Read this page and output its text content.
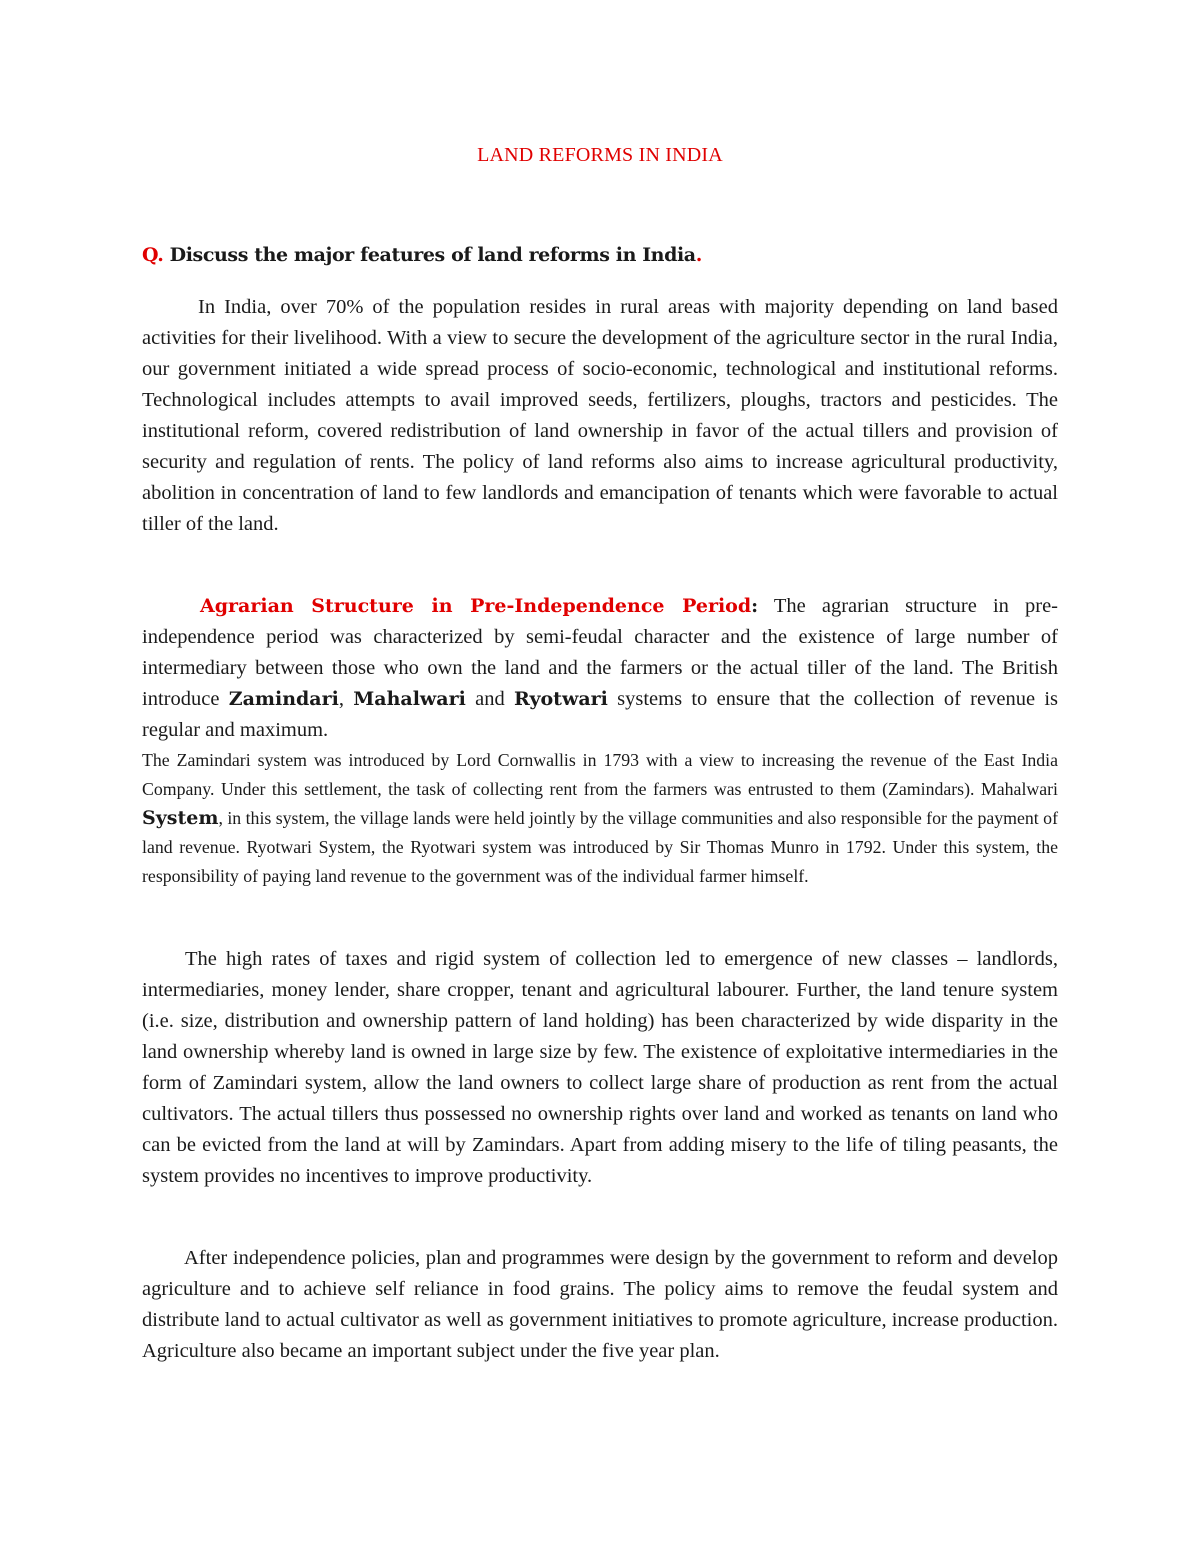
LAND REFORMS IN INDIA
Q. Discuss the major features of land reforms in India.

In India, over 70% of the population resides in rural areas with majority depending on land based activities for their livelihood. With a view to secure the development of the agriculture sector in the rural India, our government initiated a wide spread process of socio-economic, technological and institutional reforms. Technological includes attempts to avail improved seeds, fertilizers, ploughs, tractors and pesticides. The institutional reform, covered redistribution of land ownership in favor of the actual tillers and provision of security and regulation of rents. The policy of land reforms also aims to increase agricultural productivity, abolition in concentration of land to few landlords and emancipation of tenants which were favorable to actual tiller of the land.

Agrarian Structure in Pre-Independence Period: The agrarian structure in pre-independence period was characterized by semi-feudal character and the existence of large number of intermediary between those who own the land and the farmers or the actual tiller of the land. The British introduce Zamindari, Mahalwari and Ryotwari systems to ensure that the collection of revenue is regular and maximum.
The Zamindari system was introduced by Lord Cornwallis in 1793 with a view to increasing the revenue of the East India Company. Under this settlement, the task of collecting rent from the farmers was entrusted to them (Zamindars). Mahalwari System, in this system, the village lands were held jointly by the village communities and also responsible for the payment of land revenue. Ryotwari System, the Ryotwari system was introduced by Sir Thomas Munro in 1792. Under this system, the responsibility of paying land revenue to the government was of the individual farmer himself.

The high rates of taxes and rigid system of collection led to emergence of new classes – landlords, intermediaries, money lender, share cropper, tenant and agricultural labourer. Further, the land tenure system (i.e. size, distribution and ownership pattern of land holding) has been characterized by wide disparity in the land ownership whereby land is owned in large size by few. The existence of exploitative intermediaries in the form of Zamindari system, allow the land owners to collect large share of production as rent from the actual cultivators. The actual tillers thus possessed no ownership rights over land and worked as tenants on land who can be evicted from the land at will by Zamindars. Apart from adding misery to the life of tiling peasants, the system provides no incentives to improve productivity.

After independence policies, plan and programmes were design by the government to reform and develop agriculture and to achieve self reliance in food grains. The policy aims to remove the feudal system and distribute land to actual cultivator as well as government initiatives to promote agriculture, increase production. Agriculture also became an important subject under the five year plan.
